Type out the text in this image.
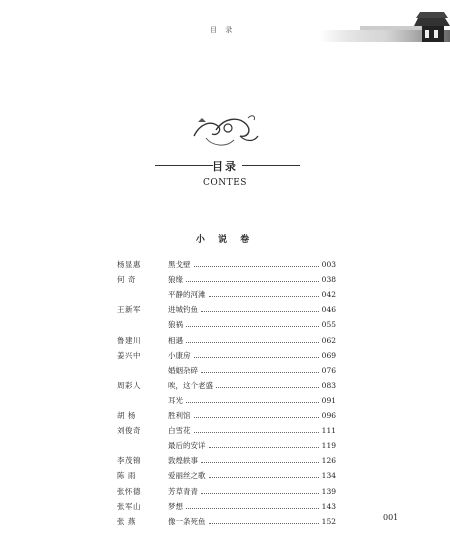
目 录
目录
CONTES
小 说 卷
杨显惠	黑戈壁	003
何 奇	狼缘	038
平静的河滩	042
王新军	进城钓鱼	046
狼祸	055
鲁建川	相遇	062
姜兴中	小康房	069
婚姻杂碎	076
周彩人	唉，这个老盛	083
耳光	091
胡 杨	胜利馆	096
刘俊奇	白雪花	111
最后的安详	119
李茂锦	敦煌轶事	126
陈 雨	爱丽丝之歌	134
张怀德	芳草青青	139
张军山	梦想	143
张 燕	像一条死鱼	152	001
